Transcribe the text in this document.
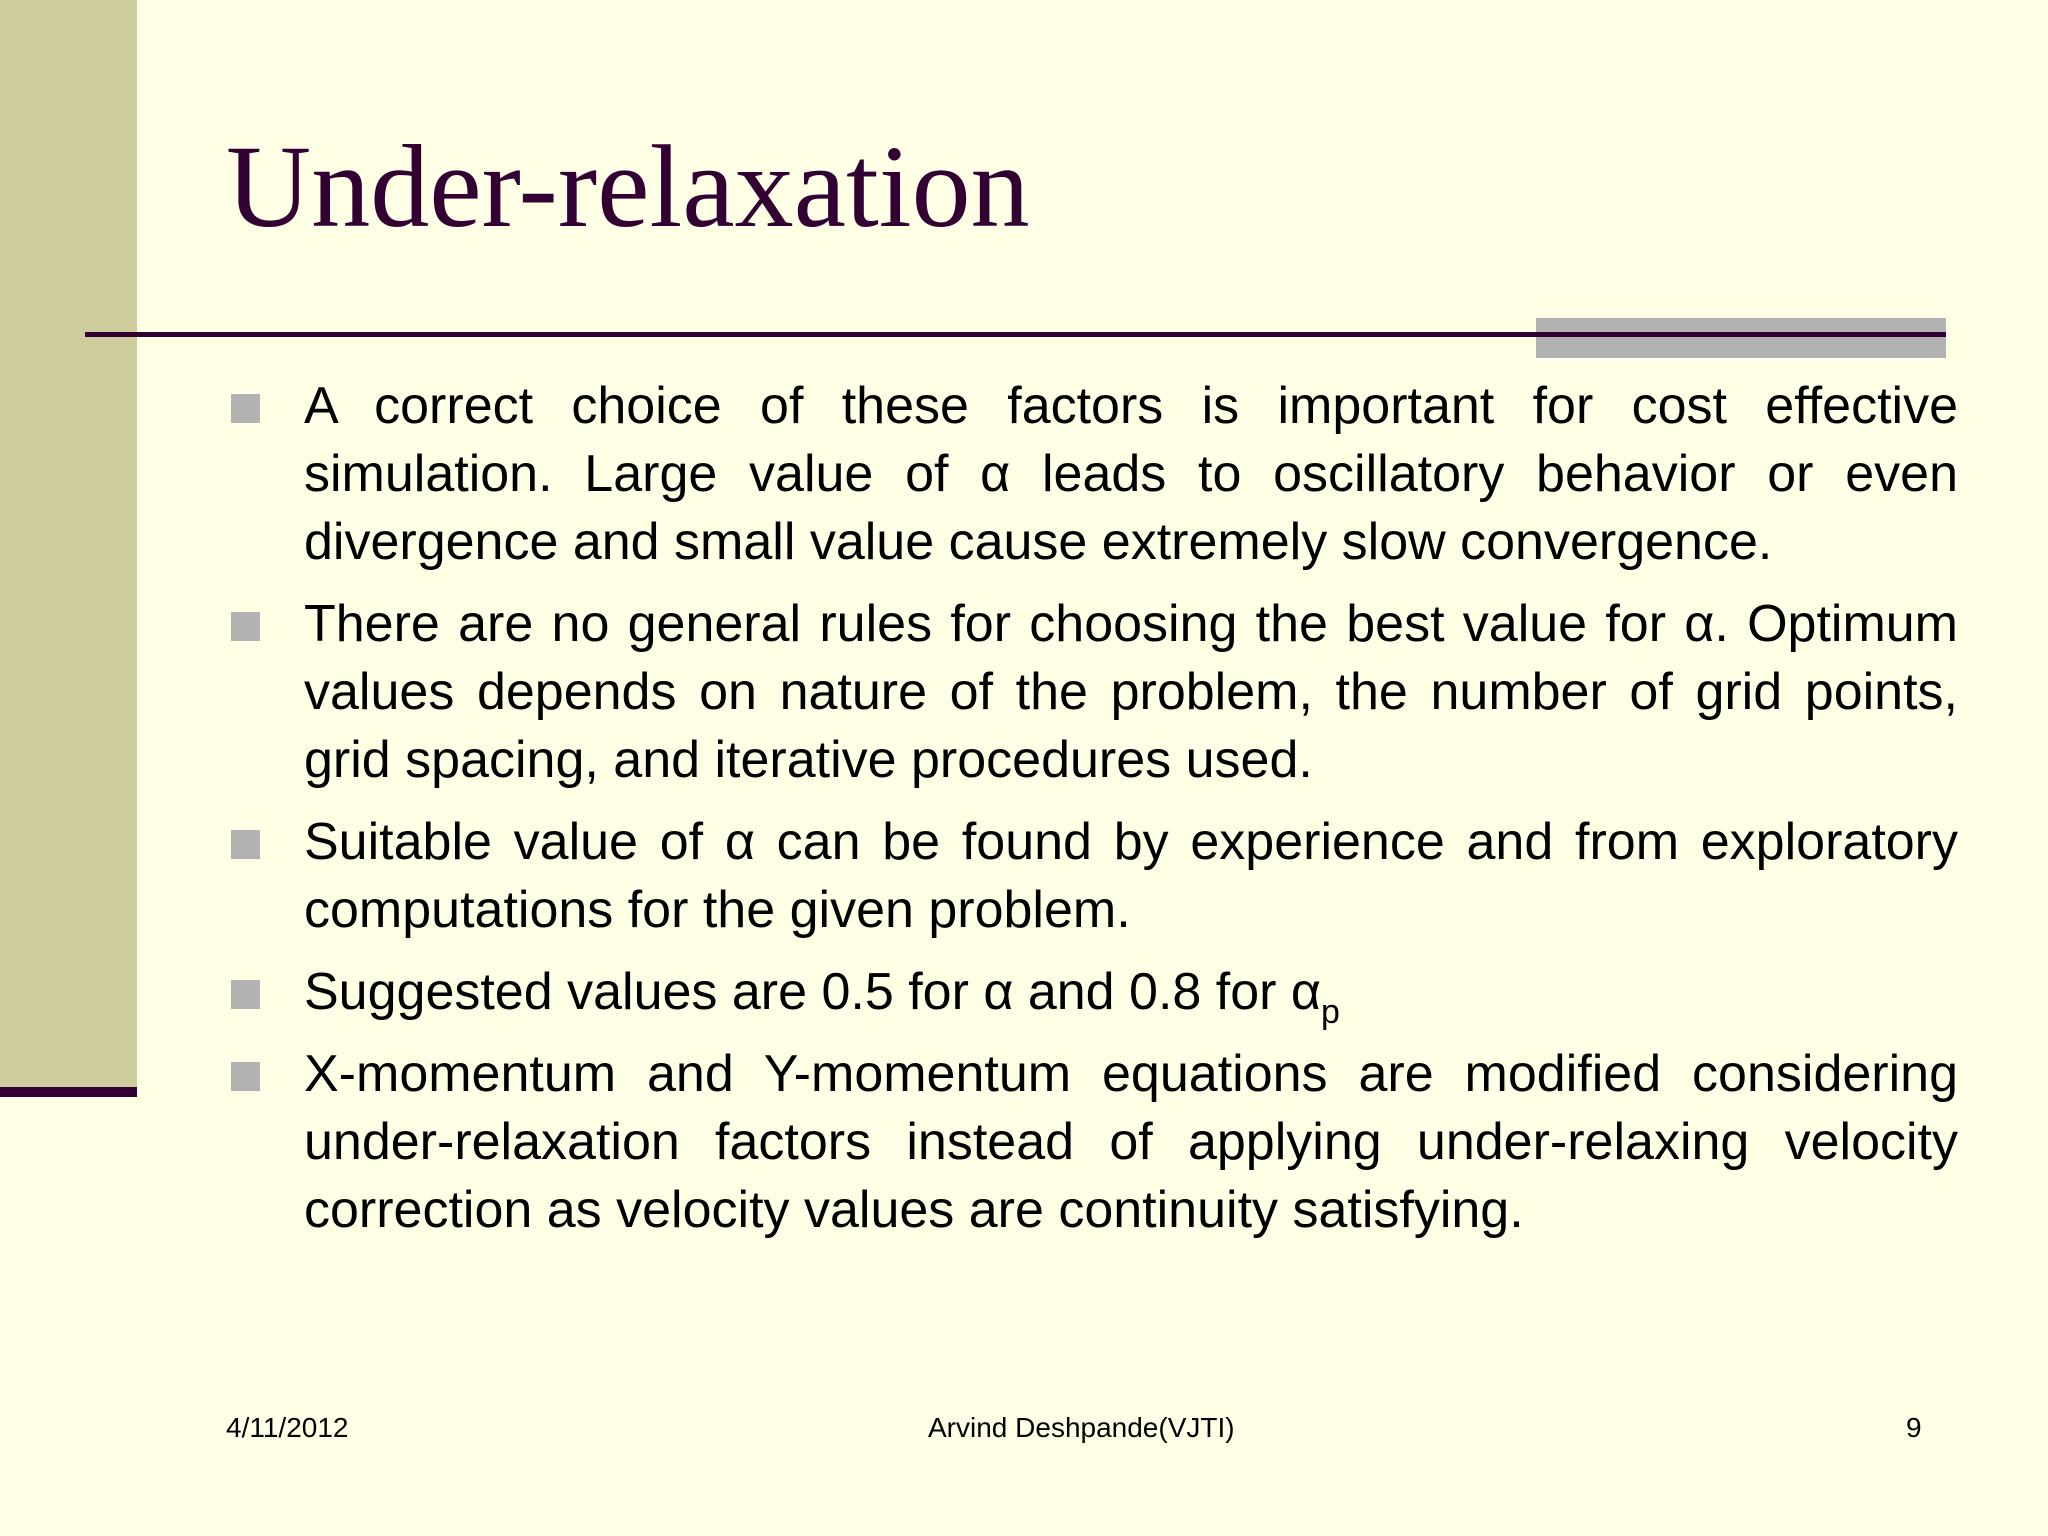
Under-relaxation
A correct choice of these factors is important for cost effective simulation. Large value of α leads to oscillatory behavior or even divergence and small value cause extremely slow convergence.
There are no general rules for choosing the best value for α. Optimum values depends on nature of the problem, the number of grid points, grid spacing, and iterative procedures used.
Suitable value of α can be found by experience and from exploratory computations for the given problem.
Suggested values are 0.5 for α and 0.8 for $\alpha_p$
X-momentum and Y-momentum equations are modified considering under-relaxation factors instead of applying under-relaxing velocity correction as velocity values are continuity satisfying.
4/11/2012	Arvind Deshpande(VJTI)	9
